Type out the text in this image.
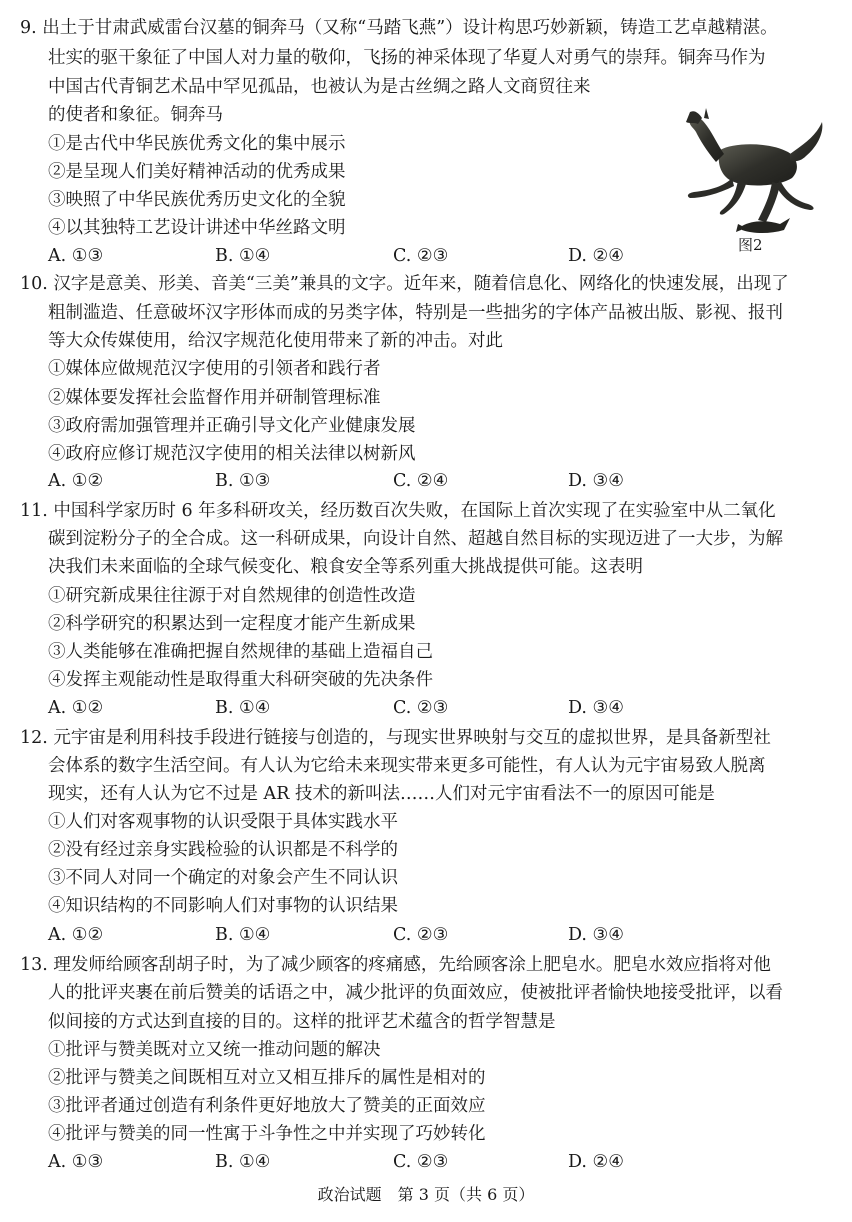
9. 出土于甘肃武威雷台汉墓的铜奔马（又称“马踏飞燕”）设计构思巧妙新颖，铸造工艺卓越精湛。
壮实的驱干象征了中国人对力量的敬仰，飞扬的神采体现了华夏人对勇气的崇拜。铜奔马作为
中国古代青铜艺术品中罕见孤品，也被认为是古丝绸之路人文商贸往来
的使者和象征。铜奔马
①是古代中华民族优秀文化的集中展示
②是呈现人们美好精神活动的优秀成果
③映照了中华民族优秀历史文化的全貌
④以其独特工艺设计讲述中华丝路文明
A. ①③	B. ①④	C. ②③	D. ②④
图2
10. 汉字是意美、形美、音美“三美”兼具的文字。近年来，随着信息化、网络化的快速发展，出现了
粗制滥造、任意破坏汉字形体而成的另类字体，特别是一些拙劣的字体产品被出版、影视、报刊
等大众传媒使用，给汉字规范化使用带来了新的冲击。对此
①媒体应做规范汉字使用的引领者和践行者
②媒体要发挥社会监督作用并研制管理标准
③政府需加强管理并正确引导文化产业健康发展
④政府应修订规范汉字使用的相关法律以树新风
A. ①②	B. ①③	C. ②④	D. ③④
11. 中国科学家历时 6 年多科研攻关，经历数百次失败，在国际上首次实现了在实验室中从二氧化
碳到淀粉分子的全合成。这一科研成果，向设计自然、超越自然目标的实现迈进了一大步，为解
决我们未来面临的全球气候变化、粮食安全等系列重大挑战提供可能。这表明
①研究新成果往往源于对自然规律的创造性改造
②科学研究的积累达到一定程度才能产生新成果
③人类能够在准确把握自然规律的基础上造福自己
④发挥主观能动性是取得重大科研突破的先决条件
A. ①②	B. ①④	C. ②③	D. ③④
12. 元宇宙是利用科技手段进行链接与创造的，与现实世界映射与交互的虚拟世界，是具备新型社
会体系的数字生活空间。有人认为它给未来现实带来更多可能性，有人认为元宇宙易致人脱离
现实，还有人认为它不过是 AR 技术的新叫法……人们对元宇宙看法不一的原因可能是
①人们对客观事物的认识受限于具体实践水平
②没有经过亲身实践检验的认识都是不科学的
③不同人对同一个确定的对象会产生不同认识
④知识结构的不同影响人们对事物的认识结果
A. ①②	B. ①④	C. ②③	D. ③④
13. 理发师给顾客刮胡子时，为了减少顾客的疼痛感，先给顾客涂上肥皂水。肥皂水效应指将对他
人的批评夹裹在前后赞美的话语之中，减少批评的负面效应，使被批评者愉快地接受批评，以看
似间接的方式达到直接的目的。这样的批评艺术蕴含的哲学智慧是
①批评与赞美既对立又统一推动问题的解决
②批评与赞美之间既相互对立又相互排斥的属性是相对的
③批评者通过创造有利条件更好地放大了赞美的正面效应
④批评与赞美的同一性寓于斗争性之中并实现了巧妙转化
A. ①③	B. ①④	C. ②③	D. ②④
政治试题　第 3 页（共 6 页）
